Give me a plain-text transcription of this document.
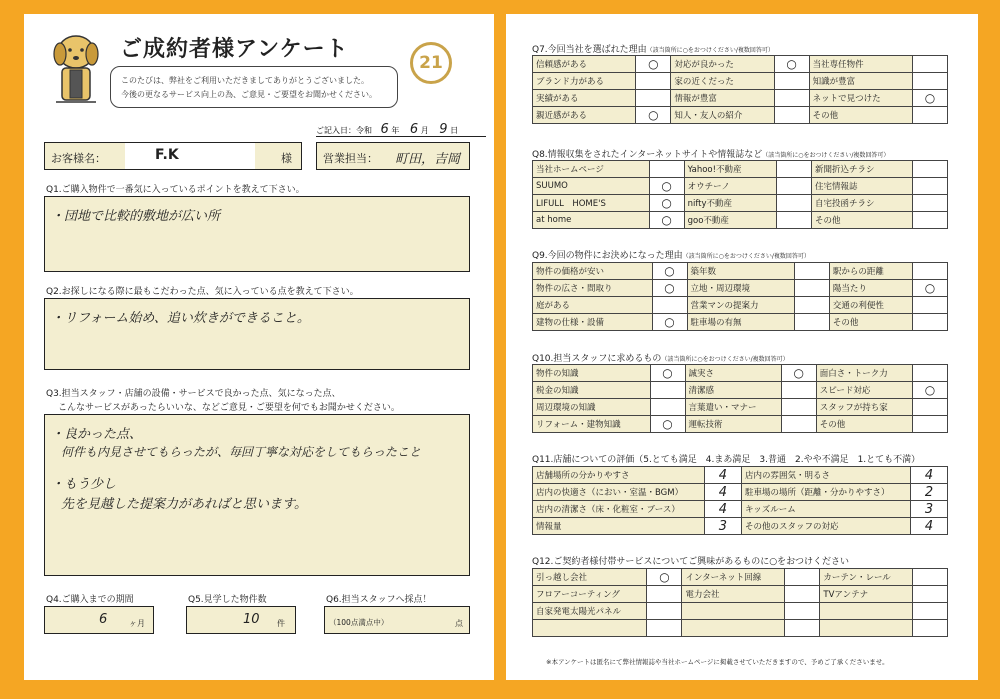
ご成約者様アンケート
このたびは、弊社をご利用いただきましてありがとうございました。
今後の更なるサービス向上の為、ご意見・ご要望をお聞かせください。
21
ご記入日：令和 6 年 6 月 9 日
お客様名：	F.K	様	営業担当： 町田，吉岡
Q1.ご購入物件で一番気に入っているポイントを教えて下さい。
・団地で比較的敷地が広い所
Q2.お探しになる際に最もこだわった点、気に入っている点を教えて下さい。
・リフォーム始め、追い炊きができること。
Q3.担当スタッフ・店舗の設備・サービスで良かった点、気になった点、
こんなサービスがあったらいいな、などご意見・ご要望を何でもお聞かせください。
・良かった点、
何件も内見させてもらったが、毎回丁寧な対応をしてもらったこと
・もう少し
先を見越した提案力があればと思います。
Q4.ご購入までの期間
6	ヶ月
Q5.見学した物件数
10 件
Q6.担当スタッフへ採点！
（100点満点中）	点
Q7.今回当社を選ばれた理由（該当箇所に○をおつけください/複数回答可）
信頼感がある	○	対応が良かった	○	当社専任物件	
ブランド力がある		家の近くだった		知識が豊富	
実績がある		情報が豊富		ネットで見つけた	○
親近感がある	○	知人・友人の紹介		その他	
Q8.情報収集をされたインターネットサイトや情報誌など（該当箇所に○をおつけください/複数回答可）
当社ホームページ		Yahoo!不動産		新聞折込チラシ	
SUUMO	○	オウチーノ		住宅情報誌	
LIFULL　HOME'S	○	nifty不動産		自宅投函チラシ	
at home	○	goo不動産		その他	
Q9.今回の物件にお決めになった理由（該当箇所に○をおつけください/複数回答可）
物件の価格が安い	○	築年数		駅からの距離	
物件の広さ・間取り	○	立地・周辺環境		陽当たり	○
庭がある		営業マンの提案力		交通の利便性	
建物の仕様・設備	○	駐車場の有無		その他	
Q10.担当スタッフに求めるもの（該当箇所に○をおつけください/複数回答可）
物件の知識	○	誠実さ	○	面白さ・トーク力	
税金の知識		清潔感		スピード対応	○
周辺環境の知識		言葉遣い・マナー		スタッフが持ち家	
リフォーム・建物知識	○	運転技術		その他	
Q11.店舗についての評価（5.とても満足　4.まあ満足　3.普通　2.やや不満足　1.とても不満）
店舗場所の分かりやすさ	4	店内の雰囲気・明るさ	4
店内の快適さ（におい・室温・BGM）	4	駐車場の場所（距離・分かりやすさ）	2
店内の清潔さ（床・化粧室・ブース）	4	キッズルーム	3
情報量	3	その他のスタッフの対応	4
Q12.ご契約者様付帯サービスについてご興味があるものに○をおつけください
引っ越し会社	○	インターネット回線		カーテン・レール	
フロアーコーティング		電力会社		TVアンテナ	
自家発電太陽光パネル					

※本アンケートは匿名にて弊社情報誌や当社ホームページに掲載させていただきますので、予めご了承くださいませ。
